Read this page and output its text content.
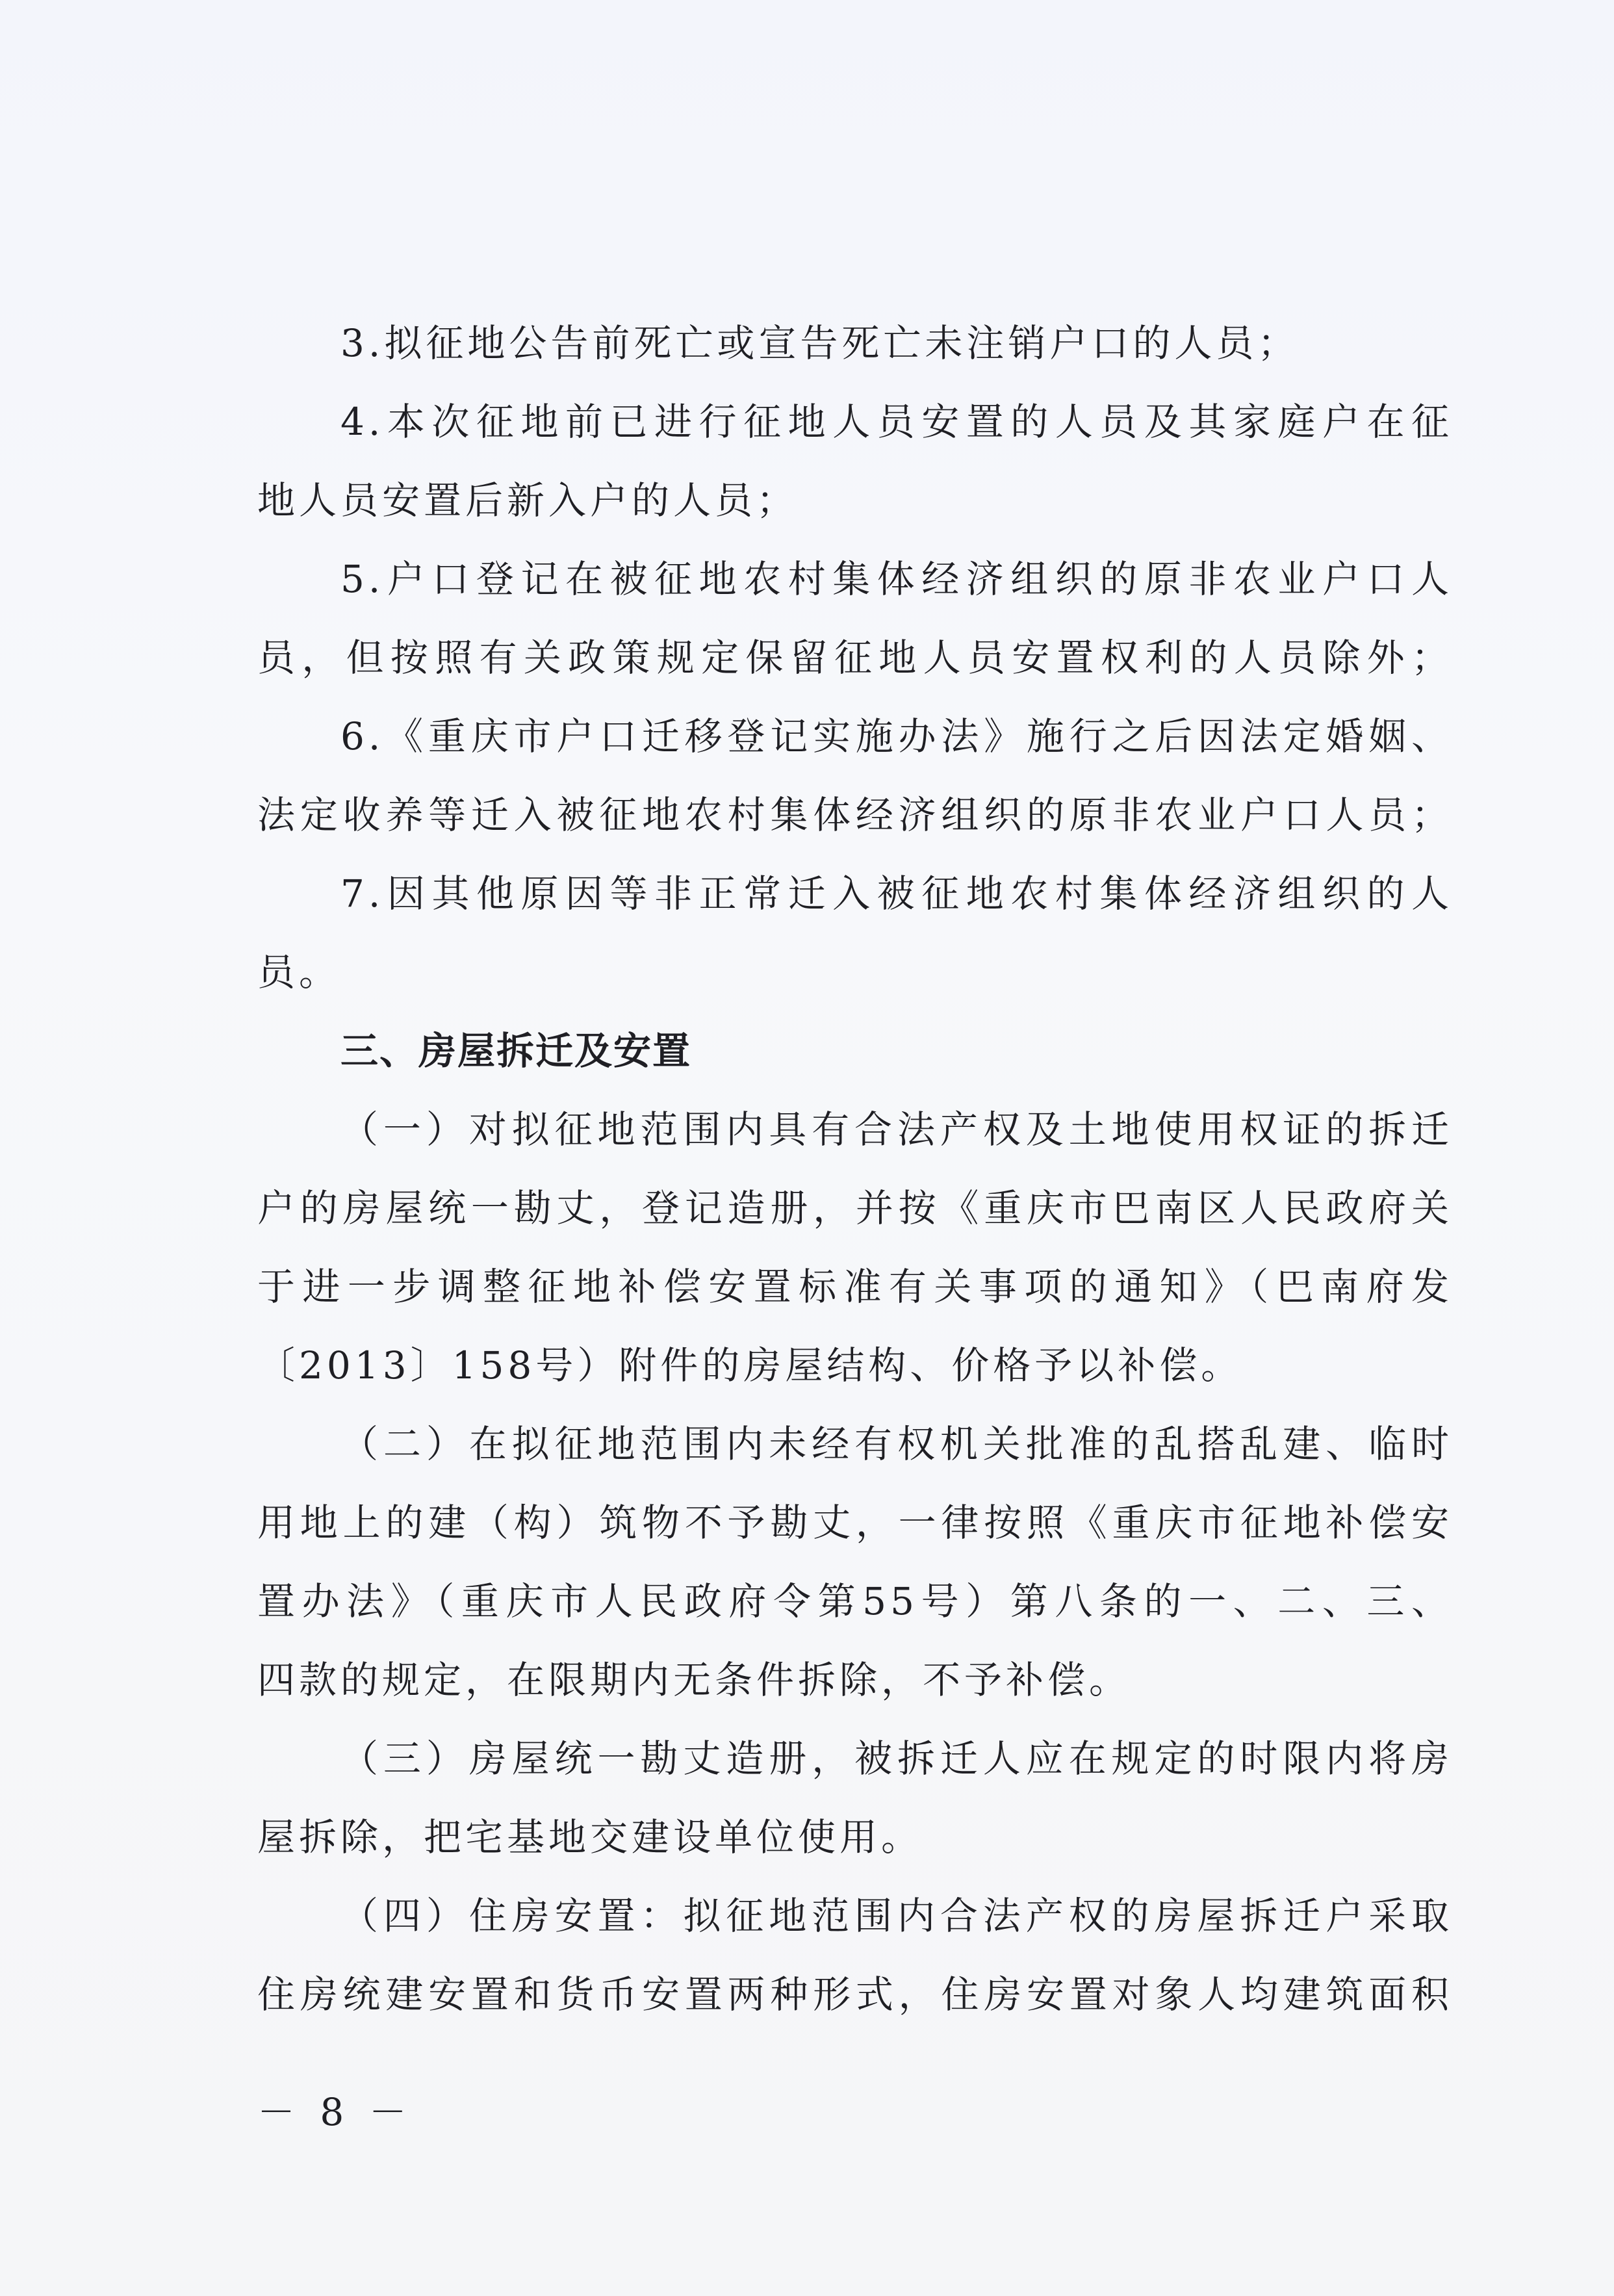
3.拟征地公告前死亡或宣告死亡未注销户口的人员；
4.本次征地前已进行征地人员安置的人员及其家庭户在征
地人员安置后新入户的人员；
5.户口登记在被征地农村集体经济组织的原非农业户口人
员，但按照有关政策规定保留征地人员安置权利的人员除外；
6.《重庆市户口迁移登记实施办法》施行之后因法定婚姻、
法定收养等迁入被征地农村集体经济组织的原非农业户口人员；
7.因其他原因等非正常迁入被征地农村集体经济组织的人
员。
三、房屋拆迁及安置
（一）对拟征地范围内具有合法产权及土地使用权证的拆迁
户的房屋统一勘丈，登记造册，并按《重庆市巴南区人民政府关
于进一步调整征地补偿安置标准有关事项的通知》（巴南府发
〔2013〕158号）附件的房屋结构、价格予以补偿。
（二）在拟征地范围内未经有权机关批准的乱搭乱建、临时
用地上的建（构）筑物不予勘丈，一律按照《重庆市征地补偿安
置办法》（重庆市人民政府令第55号）第八条的一、二、三、
四款的规定，在限期内无条件拆除，不予补偿。
（三）房屋统一勘丈造册，被拆迁人应在规定的时限内将房
屋拆除，把宅基地交建设单位使用。
（四）住房安置：拟征地范围内合法产权的房屋拆迁户采取
住房统建安置和货币安置两种形式，住房安置对象人均建筑面积
－ 8 －
